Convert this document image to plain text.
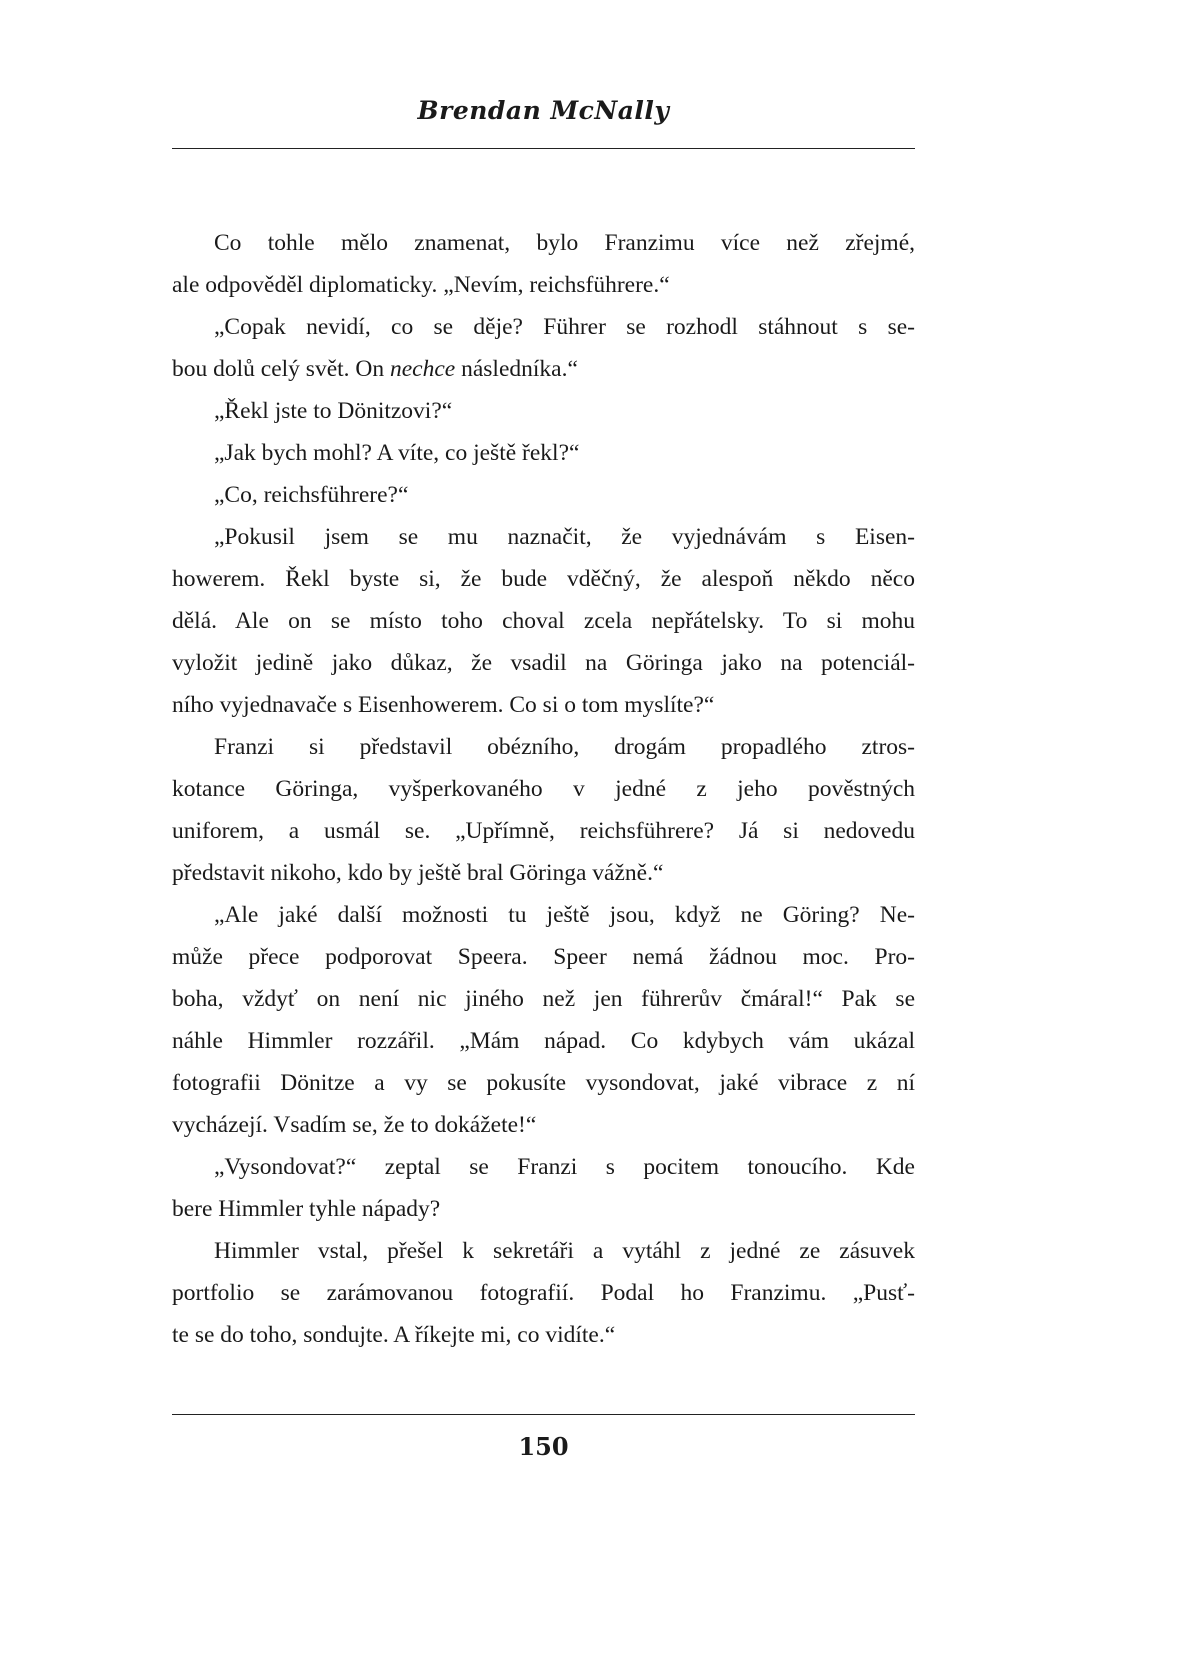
Brendan McNally
Co tohle mělo znamenat, bylo Franzimu více než zřejmé,
ale odpověděl diplomaticky. „Nevím, reichsführere.“
„Copak nevidí, co se děje? Führer se rozhodl stáhnout s se-
bou dolů celý svět. On nechce následníka.“
„Řekl jste to Dönitzovi?“
„Jak bych mohl? A víte, co ještě řekl?“
„Co, reichsführere?“
„Pokusil jsem se mu naznačit, že vyjednávám s Eisen-
howerem. Řekl byste si, že bude vděčný, že alespoň někdo něco
dělá. Ale on se místo toho choval zcela nepřátelsky. To si mohu
vyložit jedině jako důkaz, že vsadil na Göringa jako na potenciál-
ního vyjednavače s Eisenhowerem. Co si o tom myslíte?“
Franzi si představil obézního, drogám propadlého ztros-
kotance Göringa, vyšperkovaného v jedné z jeho pověstných
uniforem, a usmál se. „Upřímně, reichsführere? Já si nedovedu
představit nikoho, kdo by ještě bral Göringa vážně.“
„Ale jaké další možnosti tu ještě jsou, když ne Göring? Ne-
může přece podporovat Speera. Speer nemá žádnou moc. Pro-
boha, vždyť on není nic jiného než jen führerův čmáral!“ Pak se
náhle Himmler rozzářil. „Mám nápad. Co kdybych vám ukázal
fotografii Dönitze a vy se pokusíte vysondovat, jaké vibrace z ní
vycházejí. Vsadím se, že to dokážete!“
„Vysondovat?“ zeptal se Franzi s pocitem tonoucího. Kde
bere Himmler tyhle nápady?
Himmler vstal, přešel k sekretáři a vytáhl z jedné ze zásuvek
portfolio se zarámovanou fotografií. Podal ho Franzimu. „Pusť-
te se do toho, sondujte. A říkejte mi, co vidíte.“
150
